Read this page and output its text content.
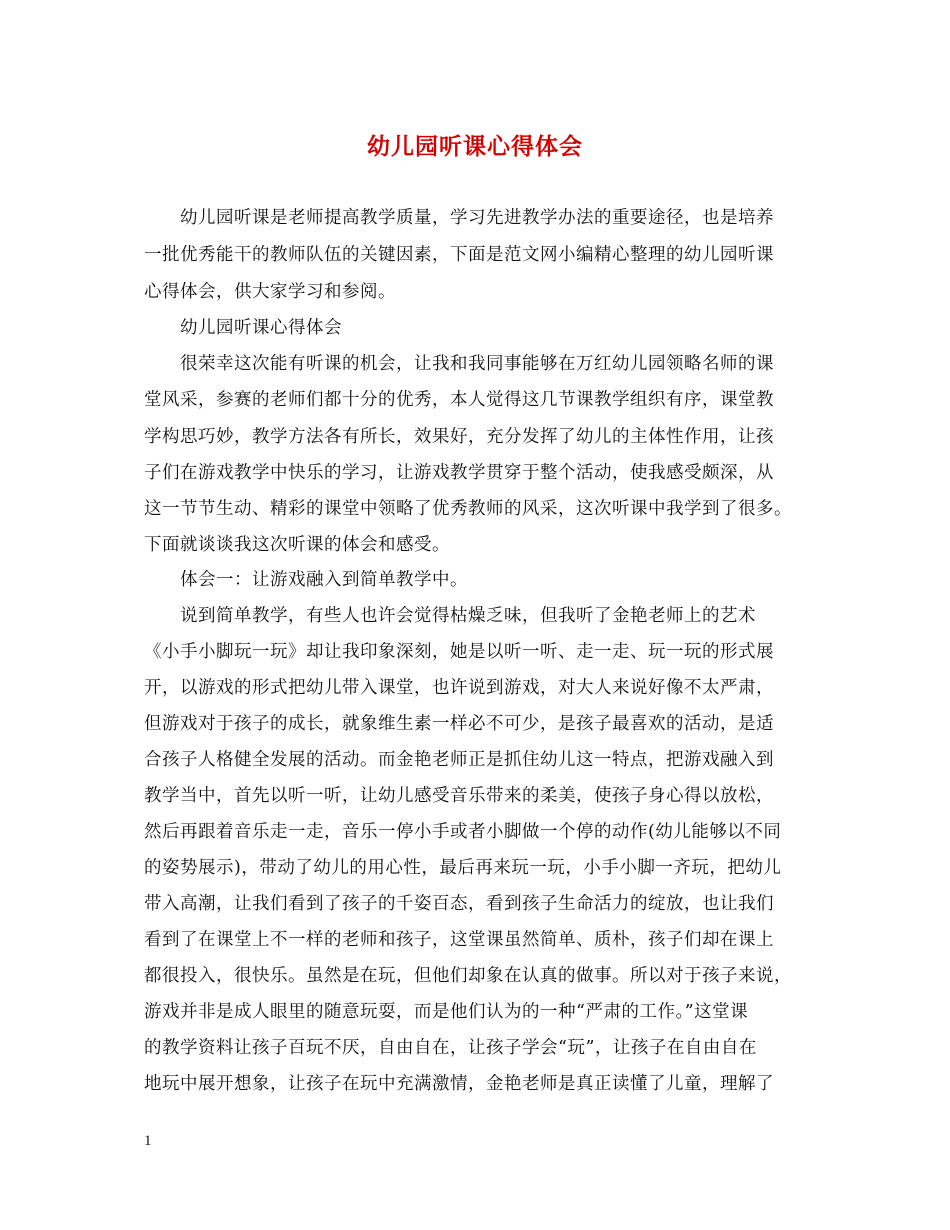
幼儿园听课心得体会
幼儿园听课是老师提高教学质量，学习先进教学办法的重要途径，也是培养
一批优秀能干的教师队伍的关键因素，下面是范文网小编精心整理的幼儿园听课
心得体会，供大家学习和参阅。
幼儿园听课心得体会
很荣幸这次能有听课的机会，让我和我同事能够在万红幼儿园领略名师的课
堂风采，参赛的老师们都十分的优秀，本人觉得这几节课教学组织有序，课堂教
学构思巧妙，教学方法各有所长，效果好，充分发挥了幼儿的主体性作用，让孩
子们在游戏教学中快乐的学习，让游戏教学贯穿于整个活动，使我感受颇深，从
这一节节生动、精彩的课堂中领略了优秀教师的风采，这次听课中我学到了很多。
下面就谈谈我这次听课的体会和感受。
体会一：让游戏融入到简单教学中。
说到简单教学，有些人也许会觉得枯燥乏味，但我听了金艳老师上的艺术
《小手小脚玩一玩》却让我印象深刻，她是以听一听、走一走、玩一玩的形式展
开，以游戏的形式把幼儿带入课堂，也许说到游戏，对大人来说好像不太严肃，
但游戏对于孩子的成长，就象维生素一样必不可少，是孩子最喜欢的活动，是适
合孩子人格健全发展的活动。而金艳老师正是抓住幼儿这一特点，把游戏融入到
教学当中，首先以听一听，让幼儿感受音乐带来的柔美，使孩子身心得以放松，
然后再跟着音乐走一走，音乐一停小手或者小脚做一个停的动作(幼儿能够以不同
的姿势展示)，带动了幼儿的用心性，最后再来玩一玩，小手小脚一齐玩，把幼儿
带入高潮，让我们看到了孩子的千姿百态，看到孩子生命活力的绽放，也让我们
看到了在课堂上不一样的老师和孩子，这堂课虽然简单、质朴，孩子们却在课上
都很投入，很快乐。虽然是在玩，但他们却象在认真的做事。所以对于孩子来说，
游戏并非是成人眼里的随意玩耍，而是他们认为的一种“严肃的工作。”这堂课
的教学资料让孩子百玩不厌，自由自在，让孩子学会“玩”，让孩子在自由自在
地玩中展开想象，让孩子在玩中充满激情，金艳老师是真正读懂了儿童，理解了
1
